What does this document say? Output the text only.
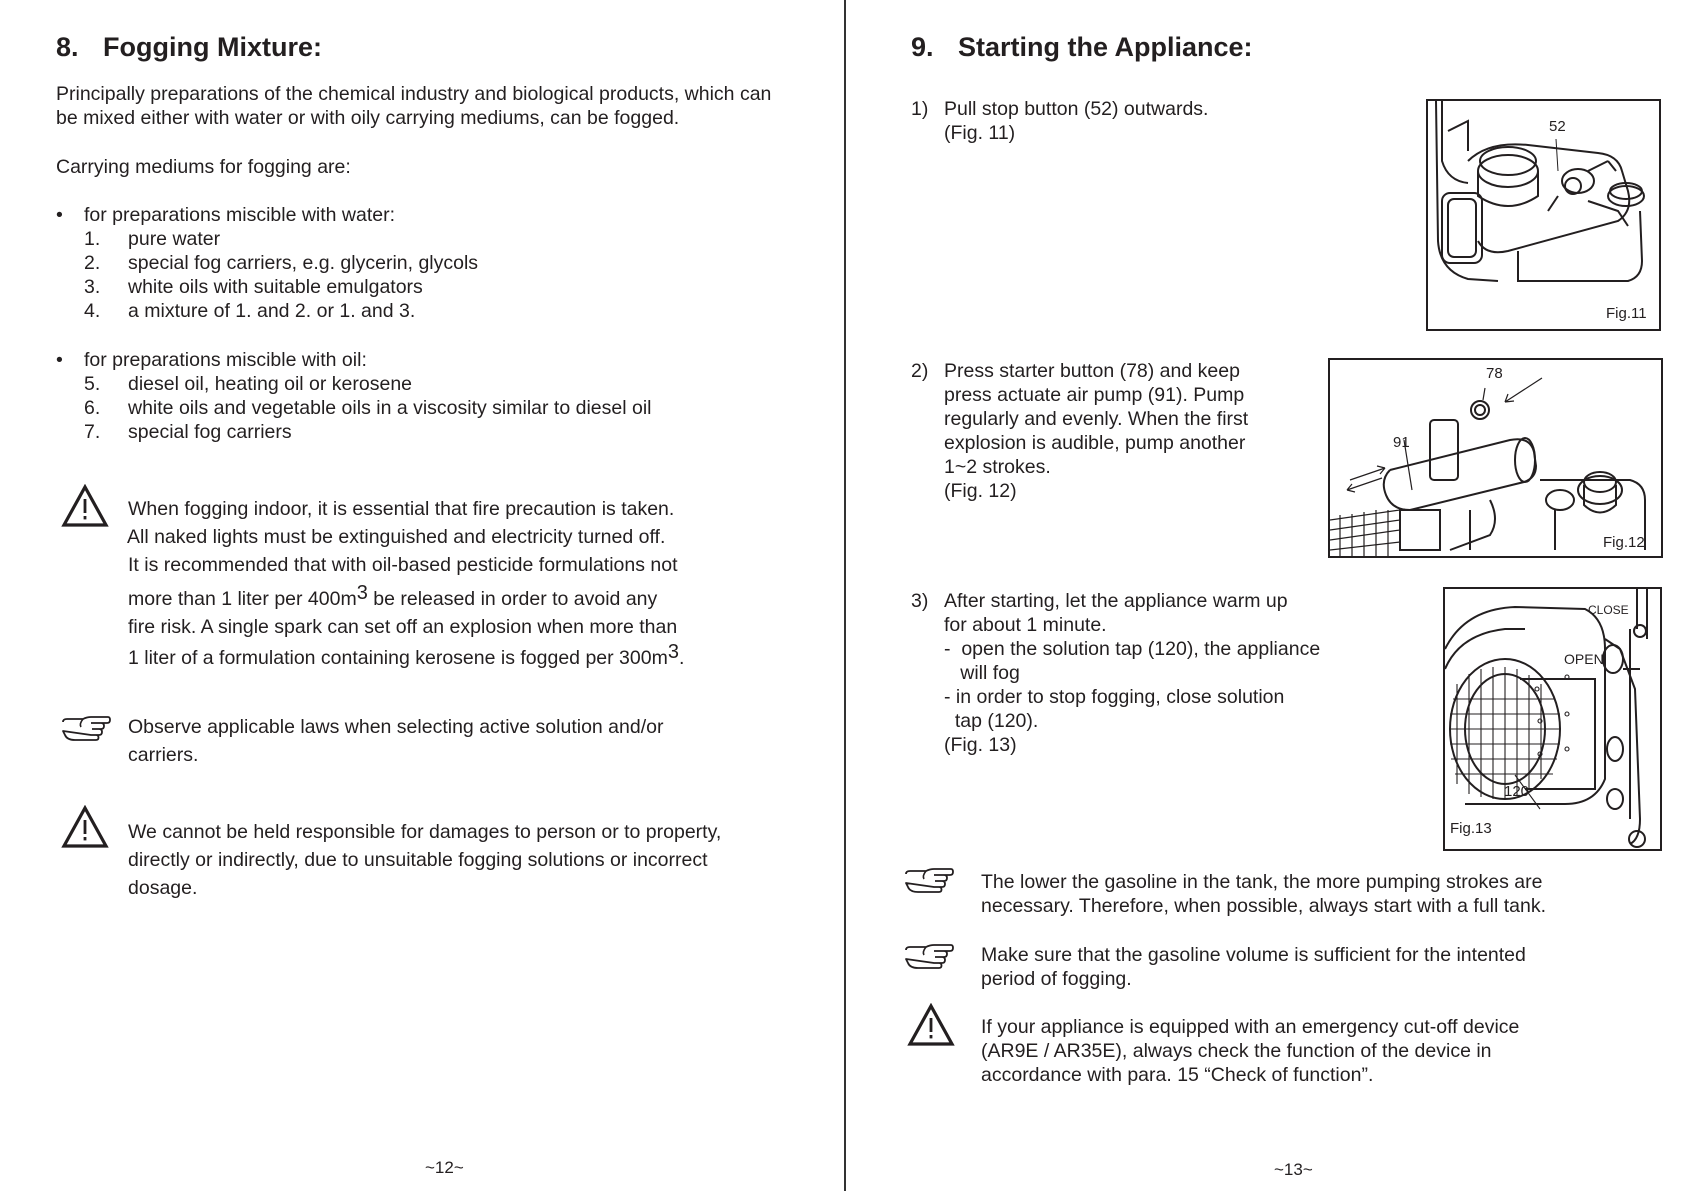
8. Fogging Mixture:
Principally preparations of the chemical industry and biological products, which can be mixed either with water or with oily carrying mediums, can be fogged.
Carrying mediums for fogging are:
• for preparations miscible with water:
1. pure water
2. special fog carriers, e.g. glycerin, glycols
3. white oils with suitable emulgators
4. a mixture of 1. and 2. or 1. and 3.
• for preparations miscible with oil:
5. diesel oil, heating oil or kerosene
6. white oils and vegetable oils in a viscosity similar to diesel oil
7. special fog carriers
When fogging indoor, it is essential that fire precaution is taken.
All naked lights must be extinguished and electricity turned off.
It is recommended that with oil-based pesticide formulations not
more than 1 liter per $400m^3$ be released in order to avoid any
fire risk. A single spark can set off an explosion when more than
1 liter of a formulation containing kerosene is fogged per $300m^3$.
Observe applicable laws when selecting active solution and/or
carriers.
We cannot be held responsible for damages to person or to property,
directly or indirectly, due to unsuitable fogging solutions or incorrect
dosage.
~12~
9. Starting the Appliance:
1) Pull stop button (52) outwards.
(Fig. 11)	52
Fig.11
2) Press starter button (78) and keep
press actuate air pump (91). Pump
regularly and evenly. When the first
explosion is audible, pump another
1~2 strokes.
(Fig. 12)
78
91
Fig.12
3) After starting, let the appliance warm up
for about 1 minute.
-  open the solution tap (120), the appliance
will fog
- in order to stop fogging, close solution
tap (120).
(Fig. 13)
CLOSE
OPEN
120
Fig.13
The lower the gasoline in the tank, the more pumping strokes are
necessary. Therefore, when possible, always start with a full tank.
Make sure that the gasoline volume is sufficient for the intented
period of fogging.
If your appliance is equipped with an emergency cut-off device
(AR9E / AR35E), always check the function of the device in
accordance with para. 15 “Check of function”.
~13~
